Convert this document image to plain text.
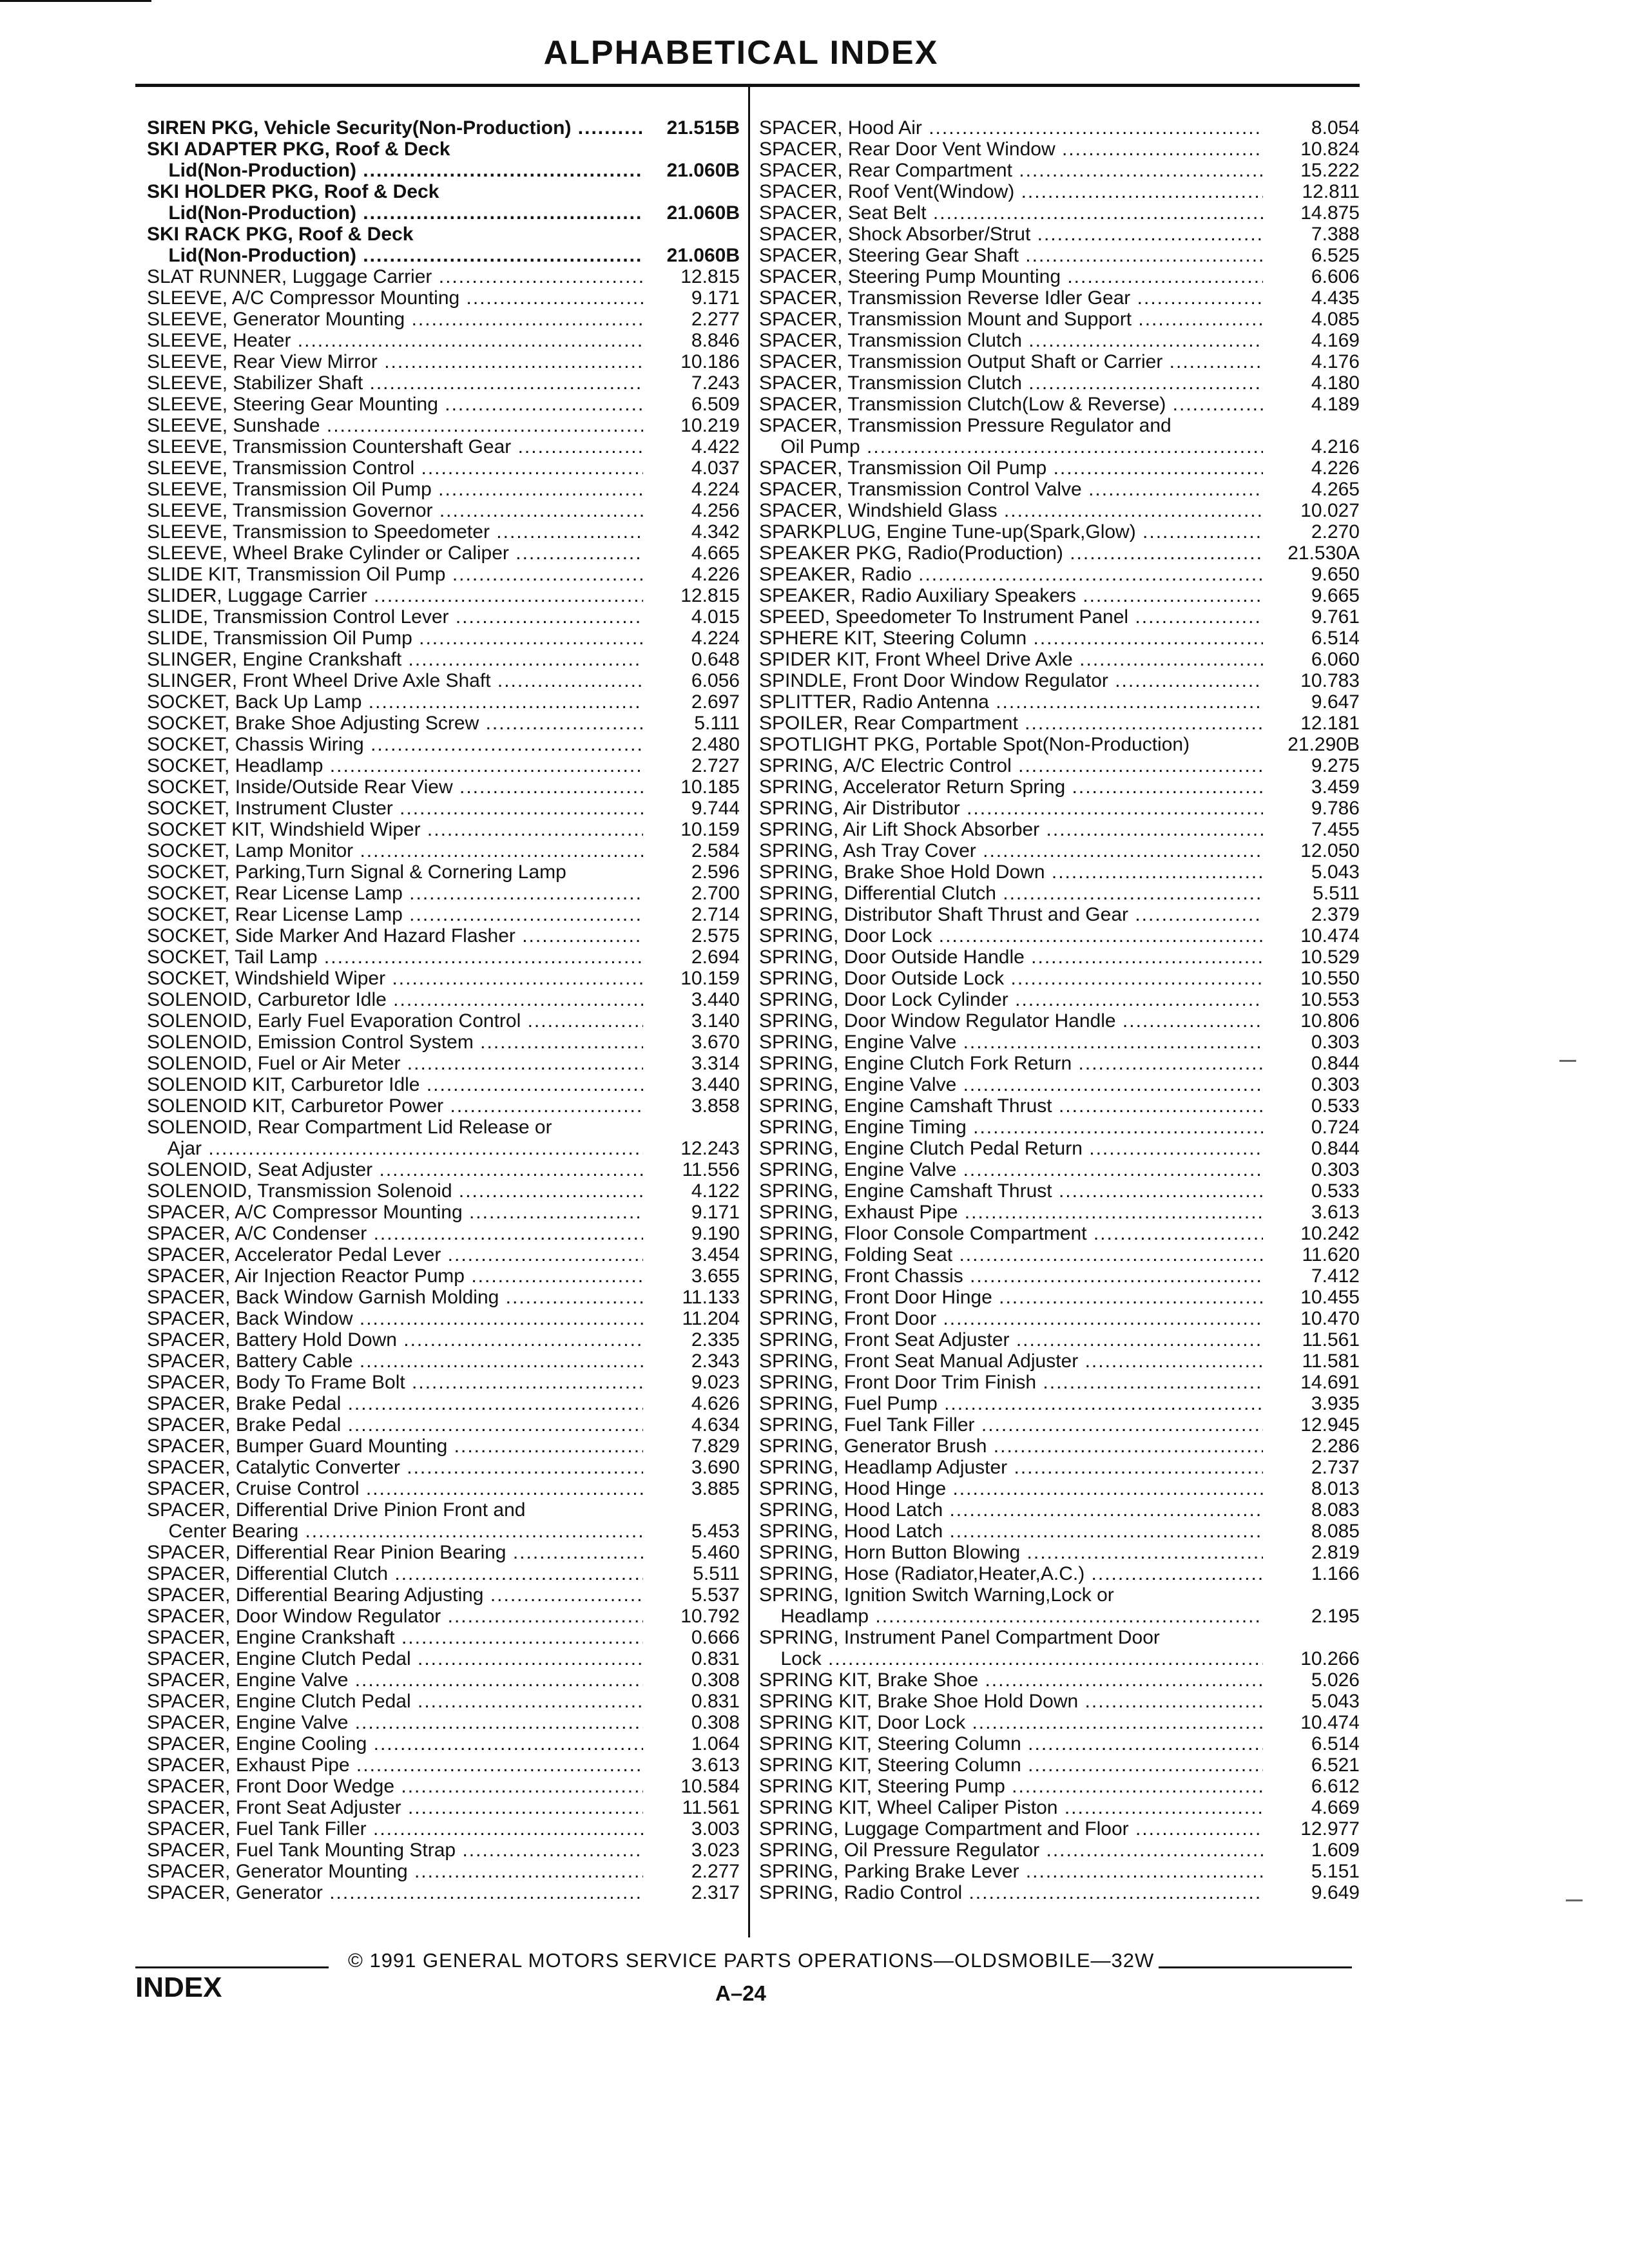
ALPHABETICAL INDEX
SIREN PKG, Vehicle Security(Non-Production) .....	21.515B
SKI ADAPTER PKG, Roof & Deck
Lid(Non-Production) .....	21.060B
SKI HOLDER PKG, Roof & Deck
Lid(Non-Production) .....	21.060B
SKI RACK PKG, Roof & Deck
Lid(Non-Production) .....	21.060B
SLAT RUNNER, Luggage Carrier .....	12.815
SLEEVE, A/C Compressor Mounting .....	9.171
SLEEVE, Generator Mounting .....	2.277
SLEEVE, Heater .....	8.846
SLEEVE, Rear View Mirror .....	10.186
SLEEVE, Stabilizer Shaft .....	7.243
SLEEVE, Steering Gear Mounting .....	6.509
SLEEVE, Sunshade .....	10.219
SLEEVE, Transmission Countershaft Gear .....	4.422
SLEEVE, Transmission Control .....	4.037
SLEEVE, Transmission Oil Pump .....	4.224
SLEEVE, Transmission Governor .....	4.256
SLEEVE, Transmission to Speedometer .....	4.342
SLEEVE, Wheel Brake Cylinder or Caliper .....	4.665
SLIDE KIT, Transmission Oil Pump .....	4.226
SLIDER, Luggage Carrier .....	12.815
SLIDE, Transmission Control Lever .....	4.015
SLIDE, Transmission Oil Pump .....	4.224
SLINGER, Engine Crankshaft .....	0.648
SLINGER, Front Wheel Drive Axle Shaft .....	6.056
SOCKET, Back Up Lamp .....	2.697
SOCKET, Brake Shoe Adjusting Screw .....	5.111
SOCKET, Chassis Wiring .....	2.480
SOCKET, Headlamp .....	2.727
SOCKET, Inside/Outside Rear View .....	10.185
SOCKET, Instrument Cluster .....	9.744
SOCKET KIT, Windshield Wiper .....	10.159
SOCKET, Lamp Monitor .....	2.584
SOCKET, Parking,Turn Signal & Cornering Lamp	2.596
SOCKET, Rear License Lamp .....	2.700
SOCKET, Rear License Lamp .....	2.714
SOCKET, Side Marker And Hazard Flasher .....	2.575
SOCKET, Tail Lamp .....	2.694
SOCKET, Windshield Wiper .....	10.159
SOLENOID, Carburetor Idle .....	3.440
SOLENOID, Early Fuel Evaporation Control .....	3.140
SOLENOID, Emission Control System .....	3.670
SOLENOID, Fuel or Air Meter .....	3.314
SOLENOID KIT, Carburetor Idle .....	3.440
SOLENOID KIT, Carburetor Power .....	3.858
SOLENOID, Rear Compartment Lid Release or
Ajar .....	12.243
SOLENOID, Seat Adjuster .....	11.556
SOLENOID, Transmission Solenoid .....	4.122
SPACER, A/C Compressor Mounting .....	9.171
SPACER, A/C Condenser .....	9.190
SPACER, Accelerator Pedal Lever .....	3.454
SPACER, Air Injection Reactor Pump .....	3.655
SPACER, Back Window Garnish Molding .....	11.133
SPACER, Back Window .....	11.204
SPACER, Battery Hold Down .....	2.335
SPACER, Battery Cable .....	2.343
SPACER, Body To Frame Bolt .....	9.023
SPACER, Brake Pedal .....	4.626
SPACER, Brake Pedal .....	4.634
SPACER, Bumper Guard Mounting .....	7.829
SPACER, Catalytic Converter .....	3.690
SPACER, Cruise Control .....	3.885
SPACER, Differential Drive Pinion Front and
Center Bearing .....	5.453
SPACER, Differential Rear Pinion Bearing .....	5.460
SPACER, Differential Clutch .....	5.511
SPACER, Differential Bearing Adjusting .....	5.537
SPACER, Door Window Regulator .....	10.792
SPACER, Engine Crankshaft .....	0.666
SPACER, Engine Clutch Pedal .....	0.831
SPACER, Engine Valve .....	0.308
SPACER, Engine Clutch Pedal .....	0.831
SPACER, Engine Valve .....	0.308
SPACER, Engine Cooling .....	1.064
SPACER, Exhaust Pipe .....	3.613
SPACER, Front Door Wedge .....	10.584
SPACER, Front Seat Adjuster .....	11.561
SPACER, Fuel Tank Filler .....	3.003
SPACER, Fuel Tank Mounting Strap .....	3.023
SPACER, Generator Mounting .....	2.277
SPACER, Generator .....	2.317
SPACER, Hood Air .....	8.054
SPACER, Rear Door Vent Window .....	10.824
SPACER, Rear Compartment .....	15.222
SPACER, Roof Vent(Window) .....	12.811
SPACER, Seat Belt .....	14.875
SPACER, Shock Absorber/Strut .....	7.388
SPACER, Steering Gear Shaft .....	6.525
SPACER, Steering Pump Mounting .....	6.606
SPACER, Transmission Reverse Idler Gear .....	4.435
SPACER, Transmission Mount and Support .....	4.085
SPACER, Transmission Clutch .....	4.169
SPACER, Transmission Output Shaft or Carrier .....	4.176
SPACER, Transmission Clutch .....	4.180
SPACER, Transmission Clutch(Low & Reverse) .....	4.189
SPACER, Transmission Pressure Regulator and
Oil Pump .....	4.216
SPACER, Transmission Oil Pump .....	4.226
SPACER, Transmission Control Valve .....	4.265
SPACER, Windshield Glass .....	10.027
SPARKPLUG, Engine Tune-up(Spark,Glow) .....	2.270
SPEAKER PKG, Radio(Production) .....	21.530A
SPEAKER, Radio .....	9.650
SPEAKER, Radio Auxiliary Speakers .....	9.665
SPEED, Speedometer To Instrument Panel .....	9.761
SPHERE KIT, Steering Column .....	6.514
SPIDER KIT, Front Wheel Drive Axle .....	6.060
SPINDLE, Front Door Window Regulator .....	10.783
SPLITTER, Radio Antenna .....	9.647
SPOILER, Rear Compartment .....	12.181
SPOTLIGHT PKG, Portable Spot(Non-Production)	21.290B
SPRING, A/C Electric Control .....	9.275
SPRING, Accelerator Return Spring .....	3.459
SPRING, Air Distributor .....	9.786
SPRING, Air Lift Shock Absorber .....	7.455
SPRING, Ash Tray Cover .....	12.050
SPRING, Brake Shoe Hold Down .....	5.043
SPRING, Differential Clutch .....	5.511
SPRING, Distributor Shaft Thrust and Gear .....	2.379
SPRING, Door Lock .....	10.474
SPRING, Door Outside Handle .....	10.529
SPRING, Door Outside Lock .....	10.550
SPRING, Door Lock Cylinder .....	10.553
SPRING, Door Window Regulator Handle .....	10.806
SPRING, Engine Valve .....	0.303
SPRING, Engine Clutch Fork Return .....	0.844
SPRING, Engine Valve .....	0.303
SPRING, Engine Camshaft Thrust .....	0.533
SPRING, Engine Timing .....	0.724
SPRING, Engine Clutch Pedal Return .....	0.844
SPRING, Engine Valve .....	0.303
SPRING, Engine Camshaft Thrust .....	0.533
SPRING, Exhaust Pipe .....	3.613
SPRING, Floor Console Compartment .....	10.242
SPRING, Folding Seat .....	11.620
SPRING, Front Chassis .....	7.412
SPRING, Front Door Hinge .....	10.455
SPRING, Front Door .....	10.470
SPRING, Front Seat Adjuster .....	11.561
SPRING, Front Seat Manual Adjuster .....	11.581
SPRING, Front Door Trim Finish .....	14.691
SPRING, Fuel Pump .....	3.935
SPRING, Fuel Tank Filler .....	12.945
SPRING, Generator Brush .....	2.286
SPRING, Headlamp Adjuster .....	2.737
SPRING, Hood Hinge .....	8.013
SPRING, Hood Latch .....	8.083
SPRING, Hood Latch .....	8.085
SPRING, Horn Button Blowing .....	2.819
SPRING, Hose (Radiator,Heater,A.C.) .....	1.166
SPRING, Ignition Switch Warning,Lock or
Headlamp .....	2.195
SPRING, Instrument Panel Compartment Door
Lock .....	10.266
SPRING KIT, Brake Shoe .....	5.026
SPRING KIT, Brake Shoe Hold Down .....	5.043
SPRING KIT, Door Lock .....	10.474
SPRING KIT, Steering Column .....	6.514
SPRING KIT, Steering Column .....	6.521
SPRING KIT, Steering Pump .....	6.612
SPRING KIT, Wheel Caliper Piston .....	4.669
SPRING, Luggage Compartment and Floor .....	12.977
SPRING, Oil Pressure Regulator .....	1.609
SPRING, Parking Brake Lever .....	5.151
SPRING, Radio Control .....	9.649
© 1991 GENERAL MOTORS SERVICE PARTS OPERATIONS—OLDSMOBILE—32W
INDEX	A–24
